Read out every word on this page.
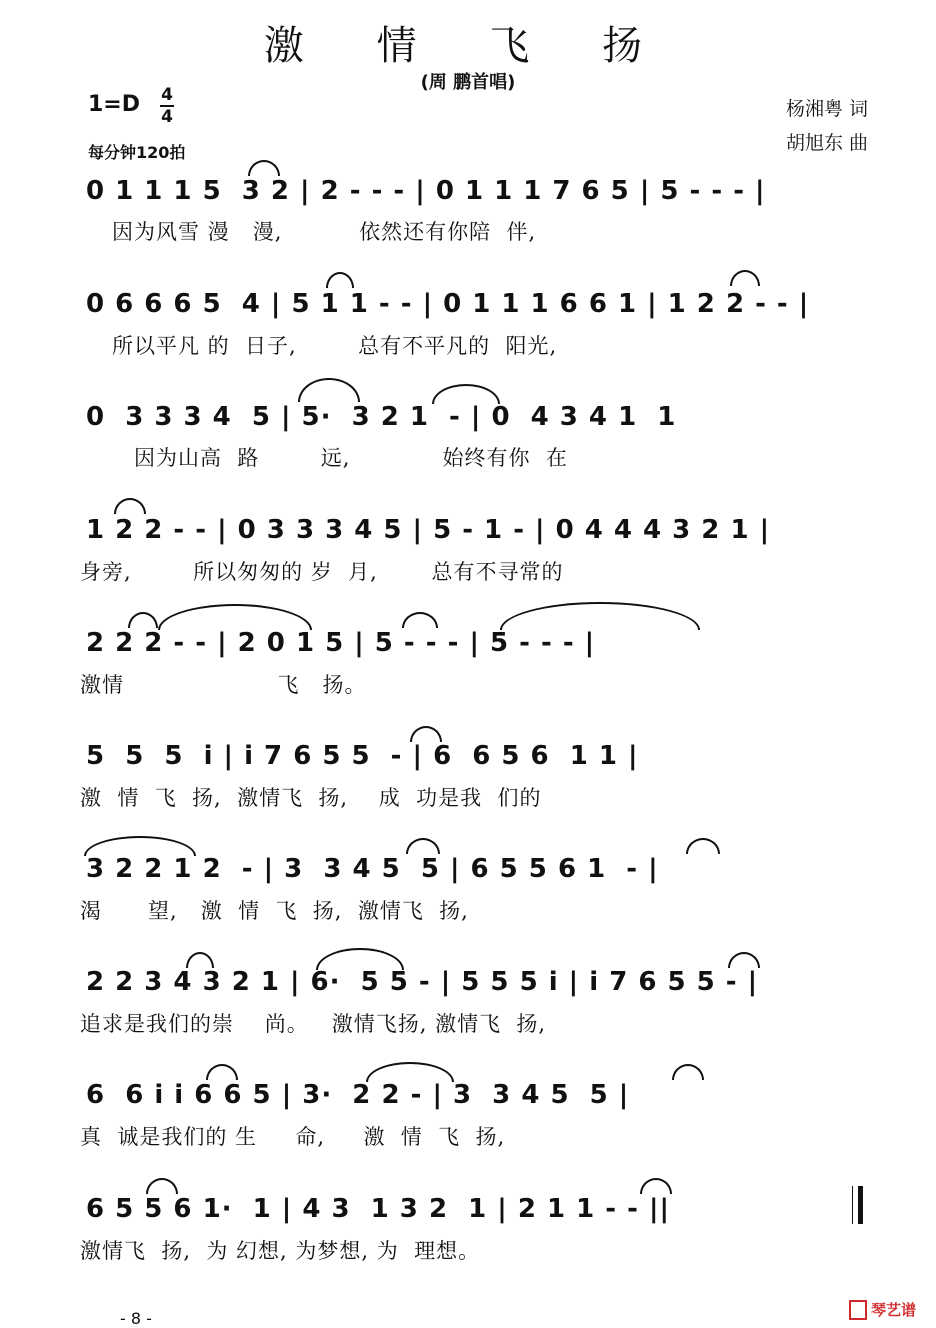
激 情 飞 扬
(周 鹏首唱)
1=D 4
4
每分钟120拍
杨湘粤 词
胡旭东 曲
0 1 1 1 5  3 2 | 2 - - - | 0 1 1 1 7 6 5 | 5 - - - |
因为风雪 漫   漫,          依然还有你陪  伴,
0 6 6 6 5  4 | 5 1 1 - - | 0 1 1 1 6 6 1 | 1 2 2 - - |
所以平凡 的  日子,        总有不平凡的  阳光,
0  3 3 3 4  5 | 5·  3 2 1  - | 0  4 3 4 1  1
因为山高  路        远,            始终有你  在
1 2 2 - - | 0 3 3 3 4 5 | 5 - 1 - | 0 4 4 4 3 2 1 |
身旁,        所以匆匆的 岁  月,       总有不寻常的
2 2 2 - - | 2 0 1 5 | 5 - - - | 5 - - - |
激情                    飞   扬。
5  5  5  i | i 7 6 5 5  - | 6  6 5 6  1 1 |
激  情  飞  扬,  激情飞  扬,    成  功是我  们的
3 2 2 1 2  - | 3  3 4 5  5 | 6 5 5 6 1  - |
渴      望,   激  情  飞  扬,  激情飞  扬,
2 2 3 4 3 2 1 | 6·  5 5 - | 5 5 5 i | i 7 6 5 5 - |
追求是我们的崇    尚。   激情飞扬, 激情飞  扬,
6  6 i i 6 6 5 | 3·  2 2 - | 3  3 4 5  5 |
真  诚是我们的 生     命,     激  情  飞  扬,
6 5 5 6 1·  1 | 4 3  1 3 2  1 | 2 1 1 - - ||
激情飞  扬,  为 幻想, 为梦想, 为  理想。
- 8 -	琴艺谱
